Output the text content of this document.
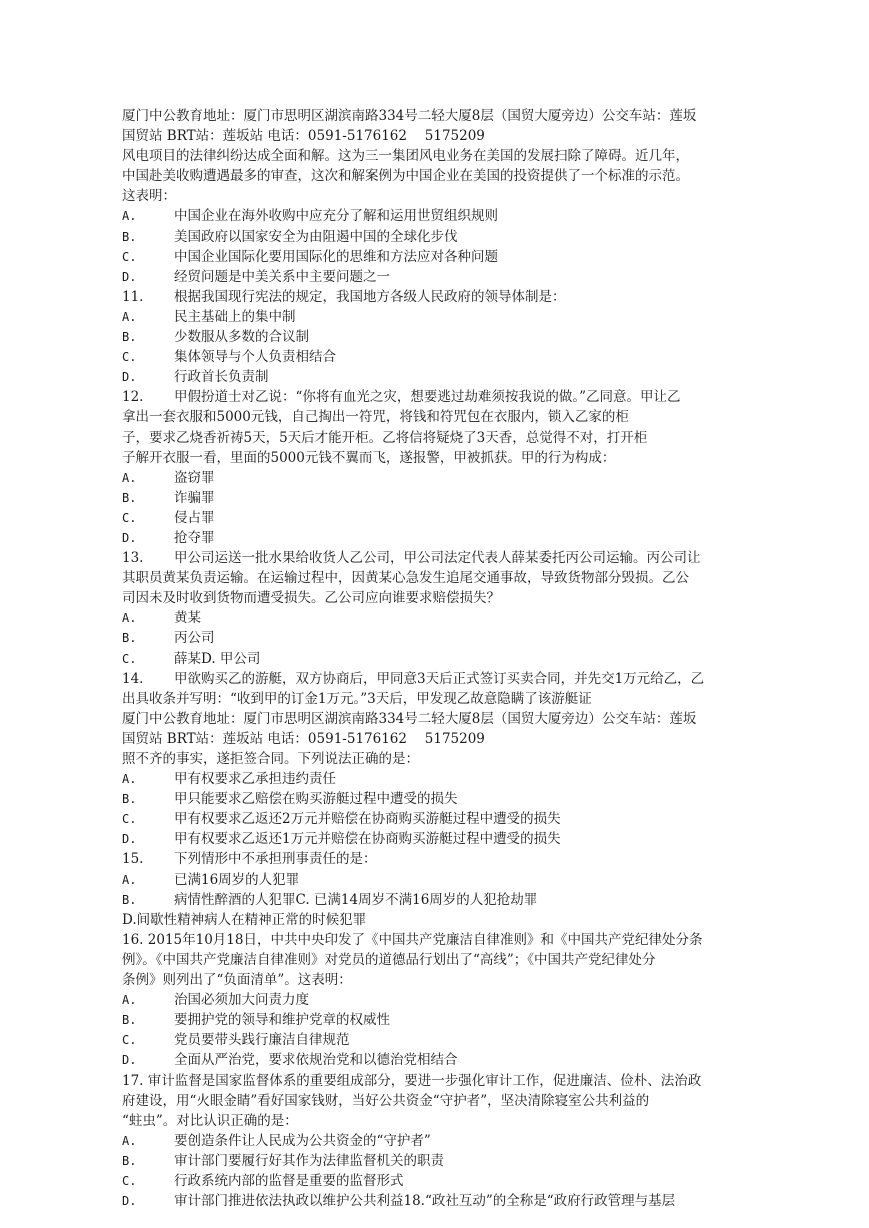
厦门中公教育地址：厦门市思明区湖滨南路334号二轻大厦8层（国贸大厦旁边）公交车站：莲坂
国贸站 BRT站：莲坂站 电话：0591-5176162　 5175209
风电项目的法律纠纷达成全面和解。这为三一集团风电业务在美国的发展扫除了障碍。近几年，
中国赴美收购遭遇最多的审查，这次和解案例为中国企业在美国的投资提供了一个标准的示范。
这表明：
A.	中国企业在海外收购中应充分了解和运用世贸组织规则
B.	美国政府以国家安全为由阻遏中国的全球化步伐
C.	中国企业国际化要用国际化的思维和方法应对各种问题
D.	经贸问题是中美关系中主要问题之一
11. 根据我国现行宪法的规定，我国地方各级人民政府的领导体制是：
A.	民主基础上的集中制
B.	少数服从多数的合议制
C.	集体领导与个人负责相结合
D.	行政首长负责制
12. 甲假扮道士对乙说：“你将有血光之灾，想要逃过劫难须按我说的做。”乙同意。甲让乙
拿出一套衣服和5000元钱，自己掏出一符咒，将钱和符咒包在衣服内，锁入乙家的柜
子，要求乙烧香祈祷5天，5天后才能开柜。乙将信将疑烧了3天香，总觉得不对，打开柜
子解开衣服一看，里面的5000元钱不翼而飞，遂报警，甲被抓获。甲的行为构成：
A.	盗窃罪
B.	诈骗罪
C.	侵占罪
D.	抢夺罪
13. 甲公司运送一批水果给收货人乙公司，甲公司法定代表人薛某委托丙公司运输。丙公司让
其职员黄某负责运输。在运输过程中，因黄某心急发生追尾交通事故，导致货物部分毁损。乙公
司因未及时收到货物而遭受损失。乙公司应向谁要求赔偿损失？
A.	黄某
B.	丙公司
C.	薛某D. 甲公司
14. 甲欲购买乙的游艇，双方协商后，甲同意3天后正式签订买卖合同，并先交1万元给乙，乙
出具收条并写明：“收到甲的订金1万元。”3天后，甲发现乙故意隐瞒了该游艇证
厦门中公教育地址：厦门市思明区湖滨南路334号二轻大厦8层（国贸大厦旁边）公交车站：莲坂
国贸站 BRT站：莲坂站 电话：0591-5176162　 5175209
照不齐的事实，遂拒签合同。下列说法正确的是：
A.	甲有权要求乙承担违约责任
B.	甲只能要求乙赔偿在购买游艇过程中遭受的损失
C.	甲有权要求乙返还2万元并赔偿在协商购买游艇过程中遭受的损失
D.	甲有权要求乙返还1万元并赔偿在协商购买游艇过程中遭受的损失
15. 下列情形中不承担刑事责任的是：
A.	已满16周岁的人犯罪
B.	病情性醉酒的人犯罪C. 已满14周岁不满16周岁的人犯抢劫罪
D.间歇性精神病人在精神正常的时候犯罪
16. 2015年10月18日，中共中央印发了《中国共产党廉洁自律准则》和《中国共产党纪律处分条
例》。《中国共产党廉洁自律准则》对党员的道德品行划出了“高线”；《中国共产党纪律处分
条例》则列出了“负面清单”。这表明：
A.	治国必须加大问责力度
B.	要拥护党的领导和维护党章的权威性
C.	党员要带头践行廉洁自律规范
D.	全面从严治党，要求依规治党和以德治党相结合
17. 审计监督是国家监督体系的重要组成部分，要进一步强化审计工作，促进廉洁、俭朴、法治政
府建设，用“火眼金睛”看好国家钱财，当好公共资金“守护者”，坚决清除寝室公共利益的
“蛀虫”。对比认识正确的是：
A.	要创造条件让人民成为公共资金的“守护者”
B.	审计部门要履行好其作为法律监督机关的职责
C.	行政系统内部的监督是重要的监督形式
D.	审计部门推进依法执政以维护公共利益18.“政社互动”的全称是“政府行政管理与基层
